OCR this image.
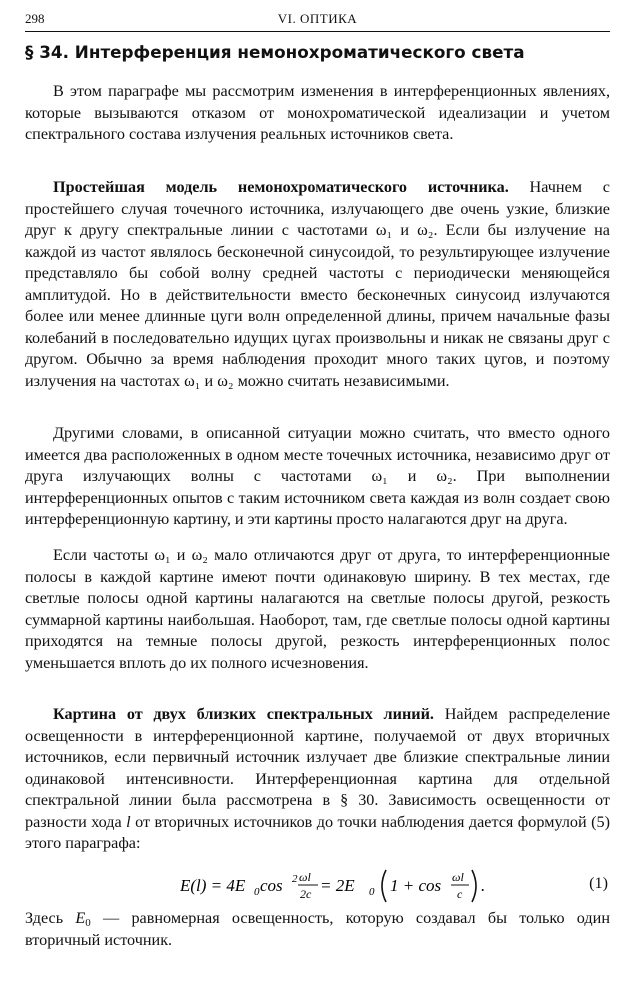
298	VI. ОПТИКА
§ 34. Интерференция немонохроматического света
В этом параграфе мы рассмотрим изменения в интерференционных явлениях, которые вызываются отказом от монохроматической идеализации и учетом спектрального состава излучения реальных источников света.
Простейшая модель немонохроматического источника. Начнем с простейшего случая точечного источника, излучающего две очень узкие, близкие друг к другу спектральные линии с частотами ω₁ и ω₂. Если бы излучение на каждой из частот являлось бесконечной синусоидой, то результирующее излучение представляло бы собой волну средней частоты с периодически меняющейся амплитудой. Но в действительности вместо бесконечных синусоид излучаются более или менее длинные цуги волн определенной длины, причем начальные фазы колебаний в последовательно идущих цугах произвольны и никак не связаны друг с другом. Обычно за время наблюдения проходит много таких цугов, и поэтому излучения на частотах ω₁ и ω₂ можно считать независимыми.
Другими словами, в описанной ситуации можно считать, что вместо одного имеется два расположенных в одном месте точечных источника, независимо друг от друга излучающих волны с частотами ω₁ и ω₂. При выполнении интерференционных опытов с таким источником света каждая из волн создает свою интерференционную картину, и эти картины просто налагаются друг на друга.
Если частоты ω₁ и ω₂ мало отличаются друг от друга, то интерференционные полосы в каждой картине имеют почти одинаковую ширину. В тех местах, где светлые полосы одной картины налагаются на светлые полосы другой, резкость суммарной картины наибольшая. Наоборот, там, где светлые полосы одной картины приходятся на темные полосы другой, резкость интерференционных полос уменьшается вплоть до их полного исчезновения.
Картина от двух близких спектральных линий. Найдем распределение освещенности в интерференционной картине, получаемой от двух вторичных источников, если первичный источник излучает две близкие спектральные линии одинаковой интенсивности. Интерференционная картина для отдельной спектральной линии была рассмотрена в § 30. Зависимость освещенности от разности хода l от вторичных источников до точки наблюдения дается формулой (5) этого параграфа:
E(l) = 4E 0 cos 2 ωl
2c = 2E 0 1 + cos ωl
c .	(1)
Здесь $E_0$ — равномерная освещенность, которую создавал бы только один вторичный источник.
